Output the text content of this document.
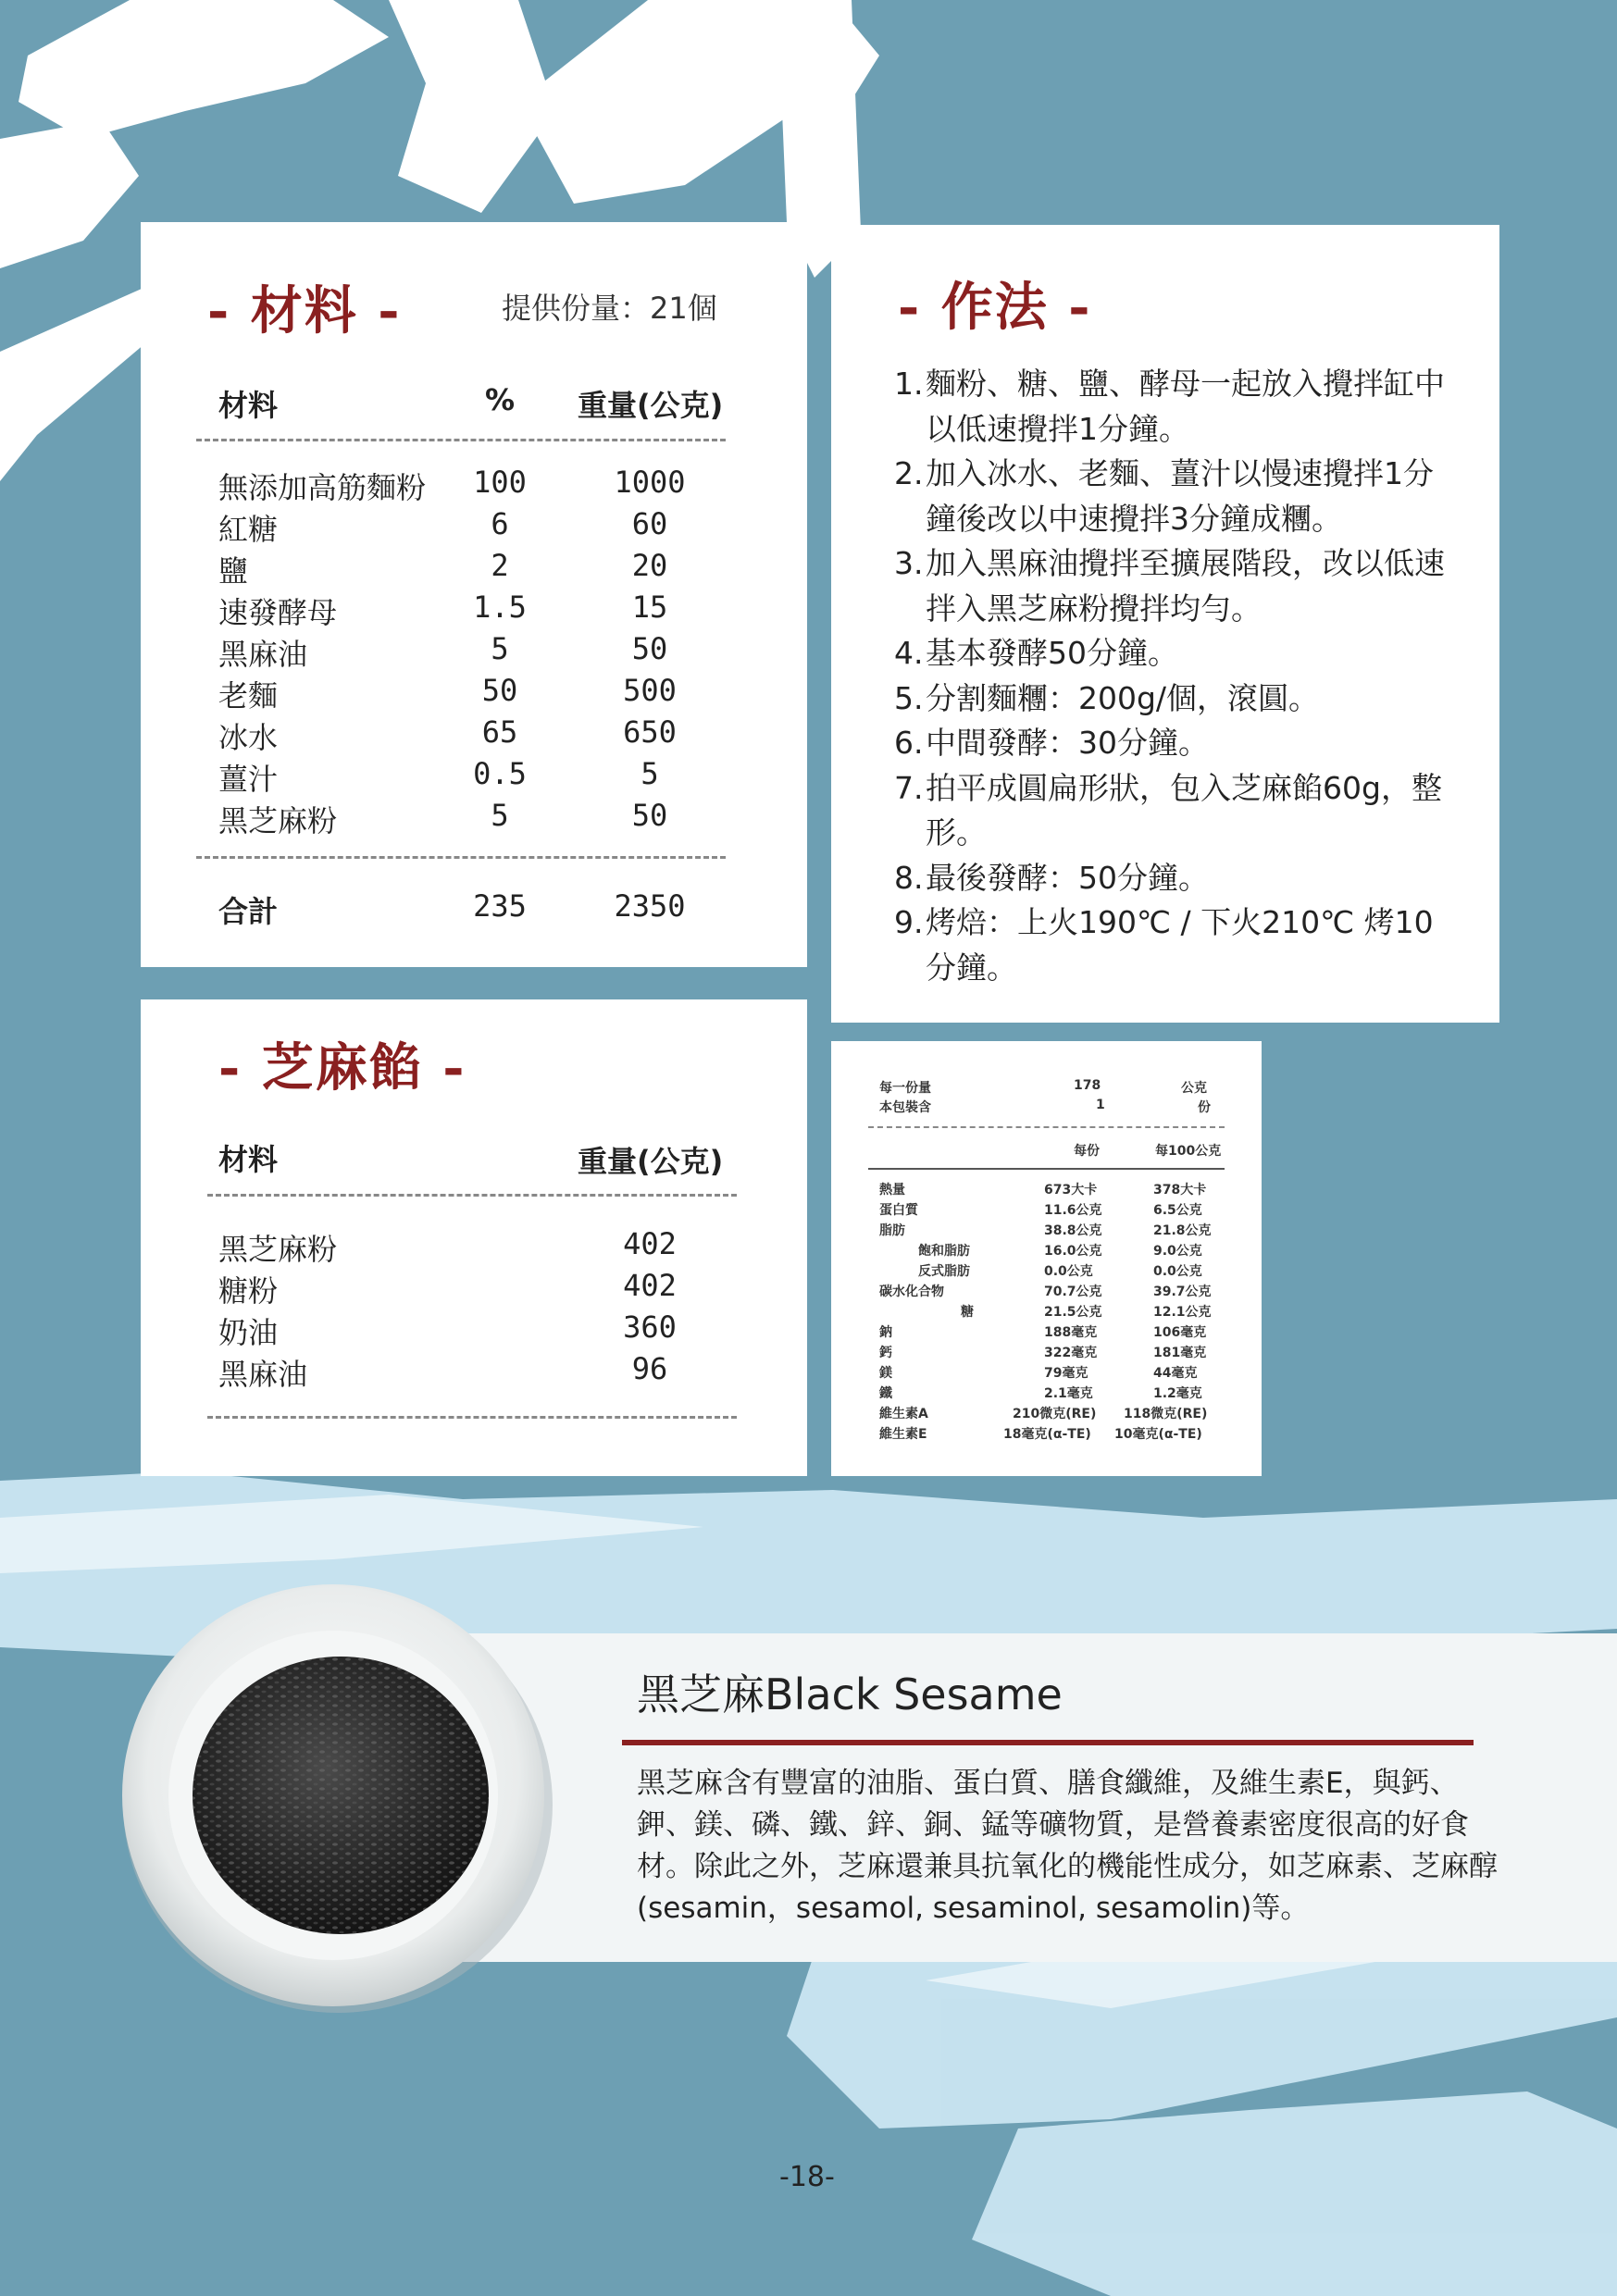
- 材料 -	提供份量：21個
材料	% 重量(公克)
無添加高筋麵粉	100	1000
紅糖	6	60
鹽	2	20
速發酵母	1.5	15
黑麻油	5	50
老麵	50	500
冰水	65	650
薑汁	0.5	5
黑芝麻粉	5	50
合計	235	2350
- 作法 -

1. 麵粉、糖、鹽、酵母一起放入攪拌缸中以低速攪拌1分鐘。

2. 加入冰水、老麵、薑汁以慢速攪拌1分鐘後改以中速攪拌3分鐘成糰。

3. 加入黑麻油攪拌至擴展階段，改以低速拌入黑芝麻粉攪拌均勻。

4. 基本發酵50分鐘。

5. 分割麵糰：200g/個，滾圓。

6. 中間發酵：30分鐘。

7. 拍平成圓扁形狀，包入芝麻餡60g，整形。

8. 最後發酵：50分鐘。

9. 烤焙：上火190℃ / 下火210℃ 烤10分鐘。

- 芝麻餡 -
材料	重量(公克)
黑芝麻粉	402
糖粉	402
奶油	360
黑麻油	96
每一份量	178	公克
本包裝含	1	份
每份	每100公克
熱量	673大卡	378大卡
蛋白質	11.6公克	6.5公克
脂肪	38.8公克	21.8公克
飽和脂肪	16.0公克	9.0公克
反式脂肪	0.0公克	0.0公克
碳水化合物	70.7公克	39.7公克
糖	21.5公克	12.1公克
鈉	188毫克	106毫克
鈣	322毫克	181毫克
鎂	79毫克	44毫克
鐵	2.1毫克	1.2毫克
維生素A	210微克(RE) 118微克(RE)
維生素E	18毫克(α-TE) 10毫克(α-TE)
黑芝麻Black Sesame
黑芝麻含有豐富的油脂、蛋白質、膳食纖維，及維生素E，與鈣、鉀、鎂、磷、鐵、鋅、銅、錳等礦物質，是營養素密度很高的好食材。除此之外，芝麻還兼具抗氧化的機能性成分，如芝麻素、芝麻醇(sesamin，sesamol, sesaminol, sesamolin)等。
-18-
